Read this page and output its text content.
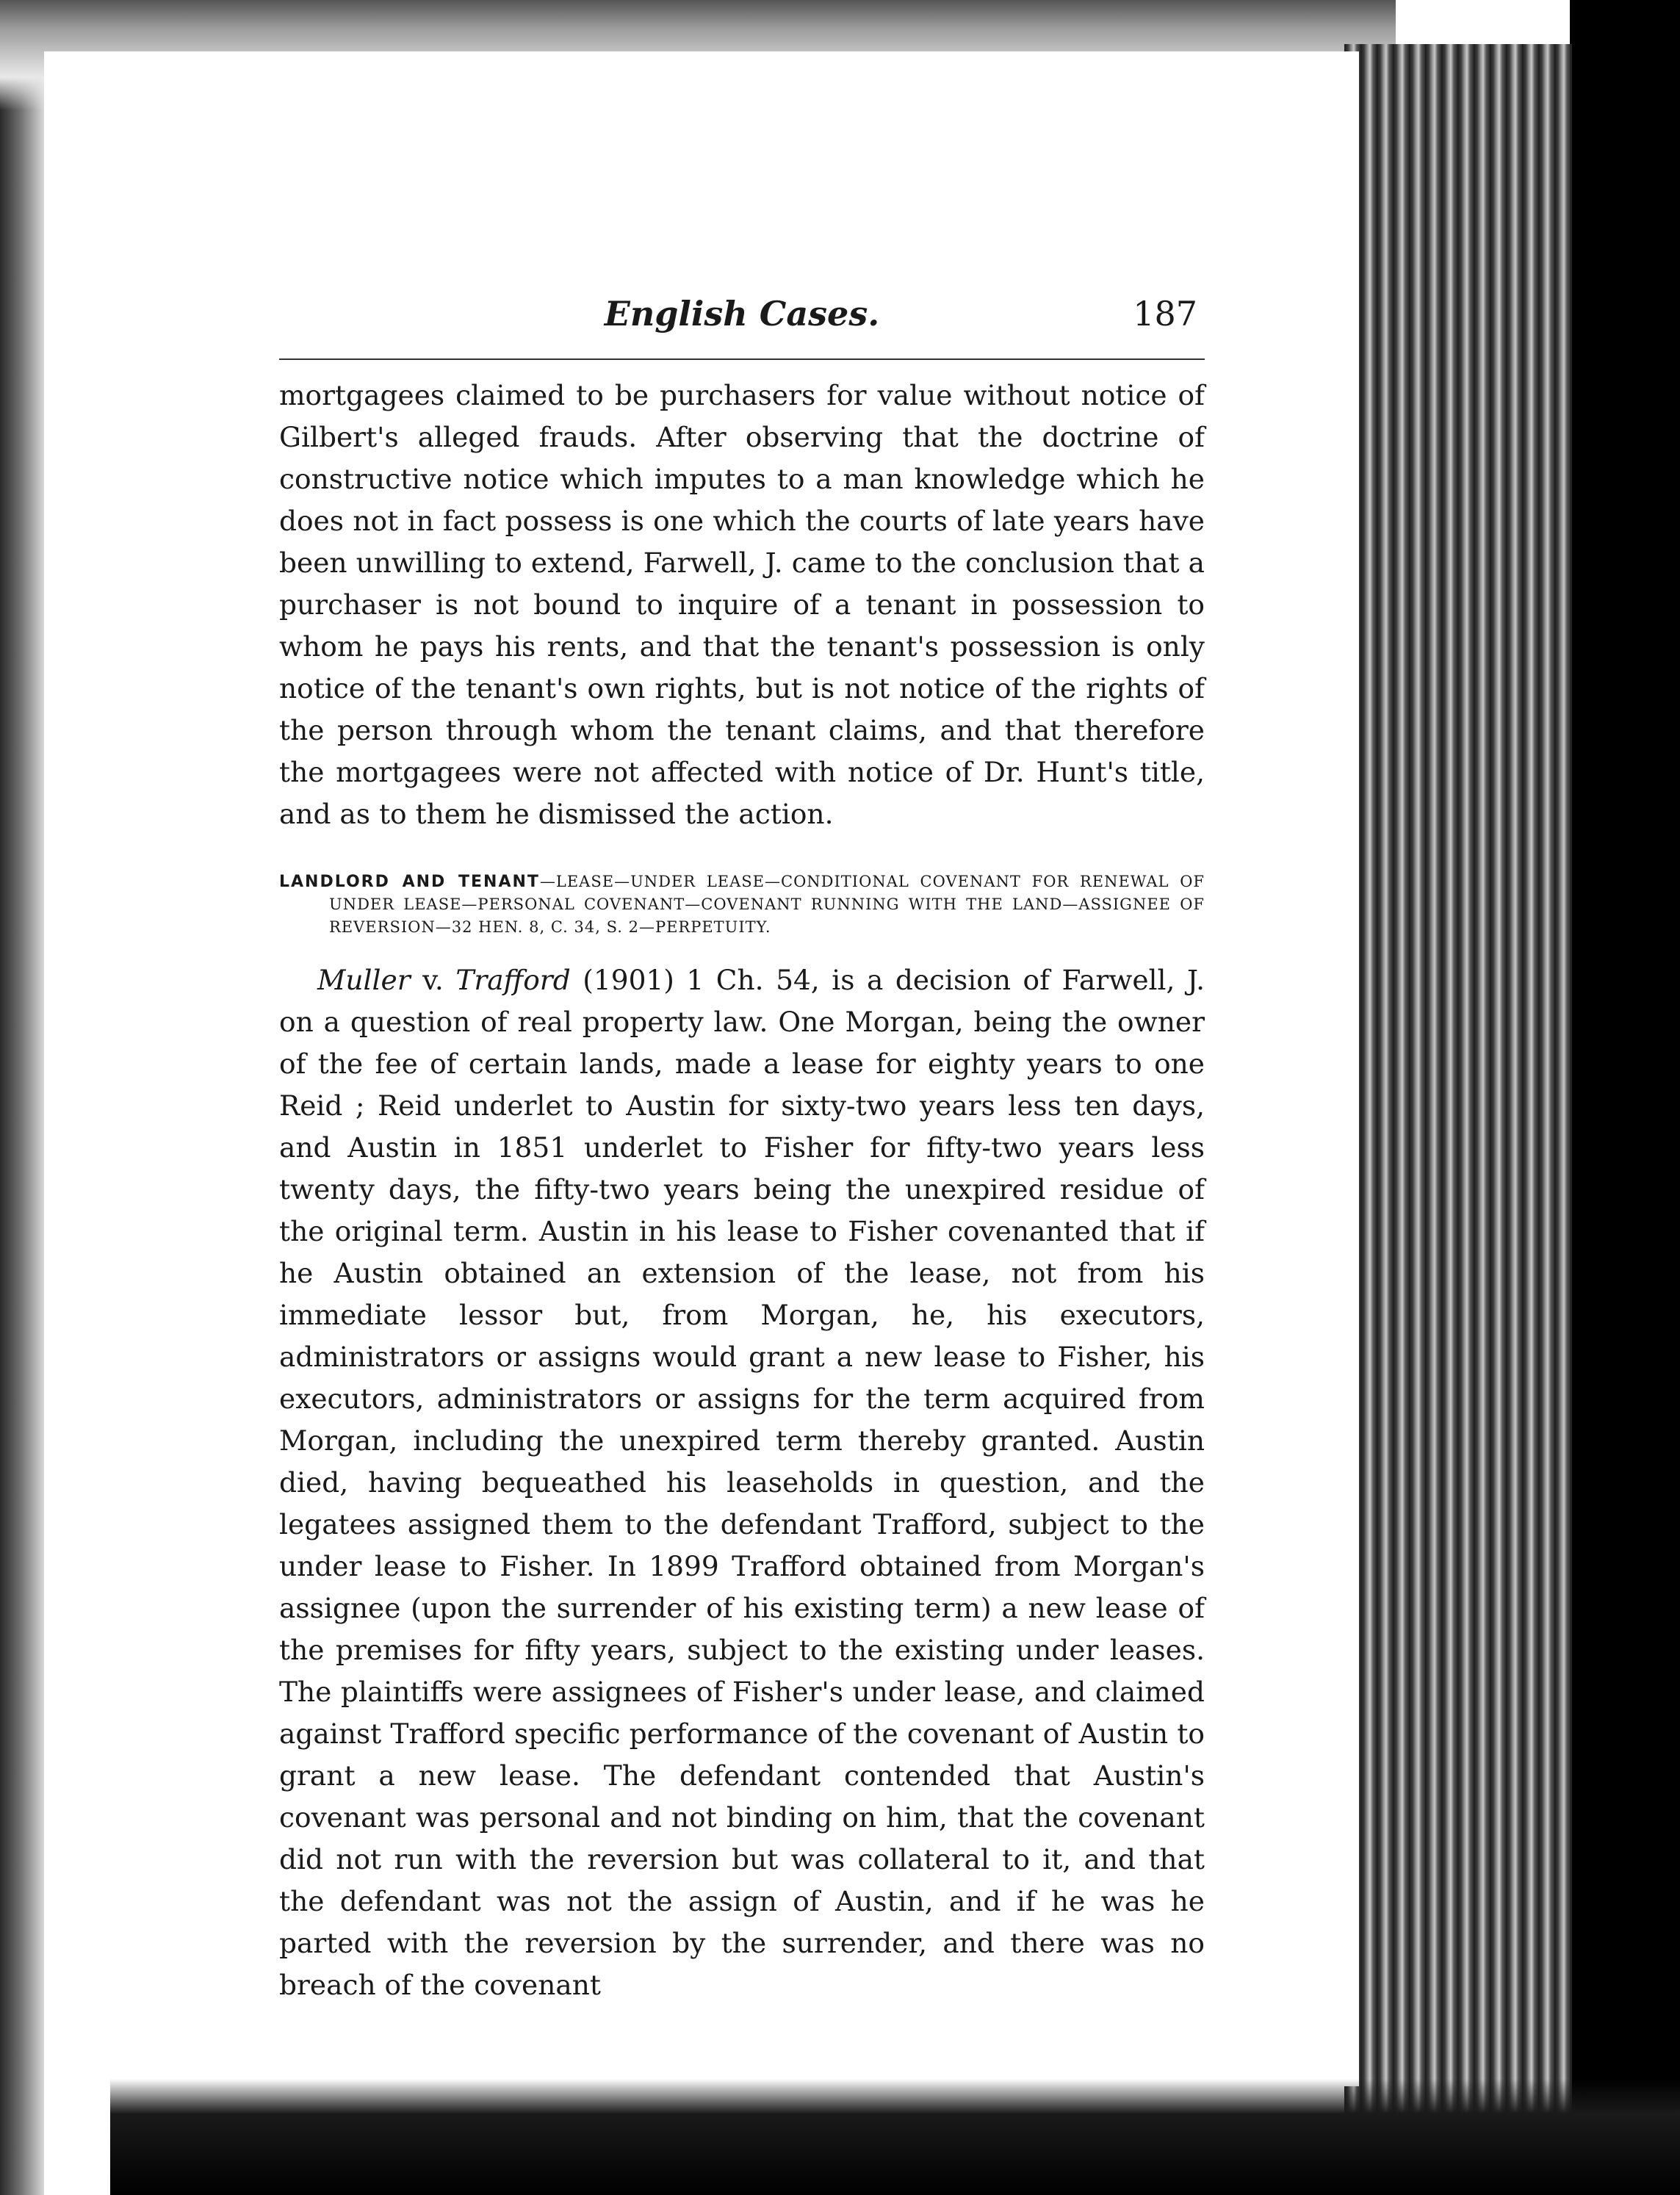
English Cases.	187

mortgagees claimed to be purchasers for value without notice of Gilbert's alleged frauds. After observing that the doctrine of constructive notice which imputes to a man knowledge which he does not in fact possess is one which the courts of late years have been unwilling to extend, Farwell, J. came to the conclusion that a purchaser is not bound to inquire of a tenant in possession to whom he pays his rents, and that the tenant's possession is only notice of the tenant's own rights, but is not notice of the rights of the person through whom the tenant claims, and that therefore the mortgagees were not affected with notice of Dr. Hunt's title, and as to them he dismissed the action.

LANDLORD AND TENANT—LEASE—UNDER LEASE—CONDITIONAL COVENANT FOR RENEWAL OF UNDER LEASE—PERSONAL COVENANT—COVENANT RUNNING WITH THE LAND—ASSIGNEE OF REVERSION—32 HEN. 8, C. 34, S. 2—PERPETUITY.

Muller v. Trafford (1901) 1 Ch. 54, is a decision of Farwell, J. on a question of real property law. One Morgan, being the owner of the fee of certain lands, made a lease for eighty years to one Reid ; Reid underlet to Austin for sixty-two years less ten days, and Austin in 1851 underlet to Fisher for fifty-two years less twenty days, the fifty-two years being the unexpired residue of the original term. Austin in his lease to Fisher covenanted that if he Austin obtained an extension of the lease, not from his immediate lessor but, from Morgan, he, his executors, administrators or assigns would grant a new lease to Fisher, his executors, administrators or assigns for the term acquired from Morgan, including the unexpired term thereby granted. Austin died, having bequeathed his leaseholds in question, and the legatees assigned them to the defendant Trafford, subject to the under lease to Fisher. In 1899 Trafford obtained from Morgan's assignee (upon the surrender of his existing term) a new lease of the premises for fifty years, subject to the existing under leases. The plaintiffs were assignees of Fisher's under lease, and claimed against Trafford specific performance of the covenant of Austin to grant a new lease. The defendant contended that Austin's covenant was personal and not binding on him, that the covenant did not run with the reversion but was collateral to it, and that the defendant was not the assign of Austin, and if he was he parted with the reversion by the surrender, and there was no breach of the covenant
